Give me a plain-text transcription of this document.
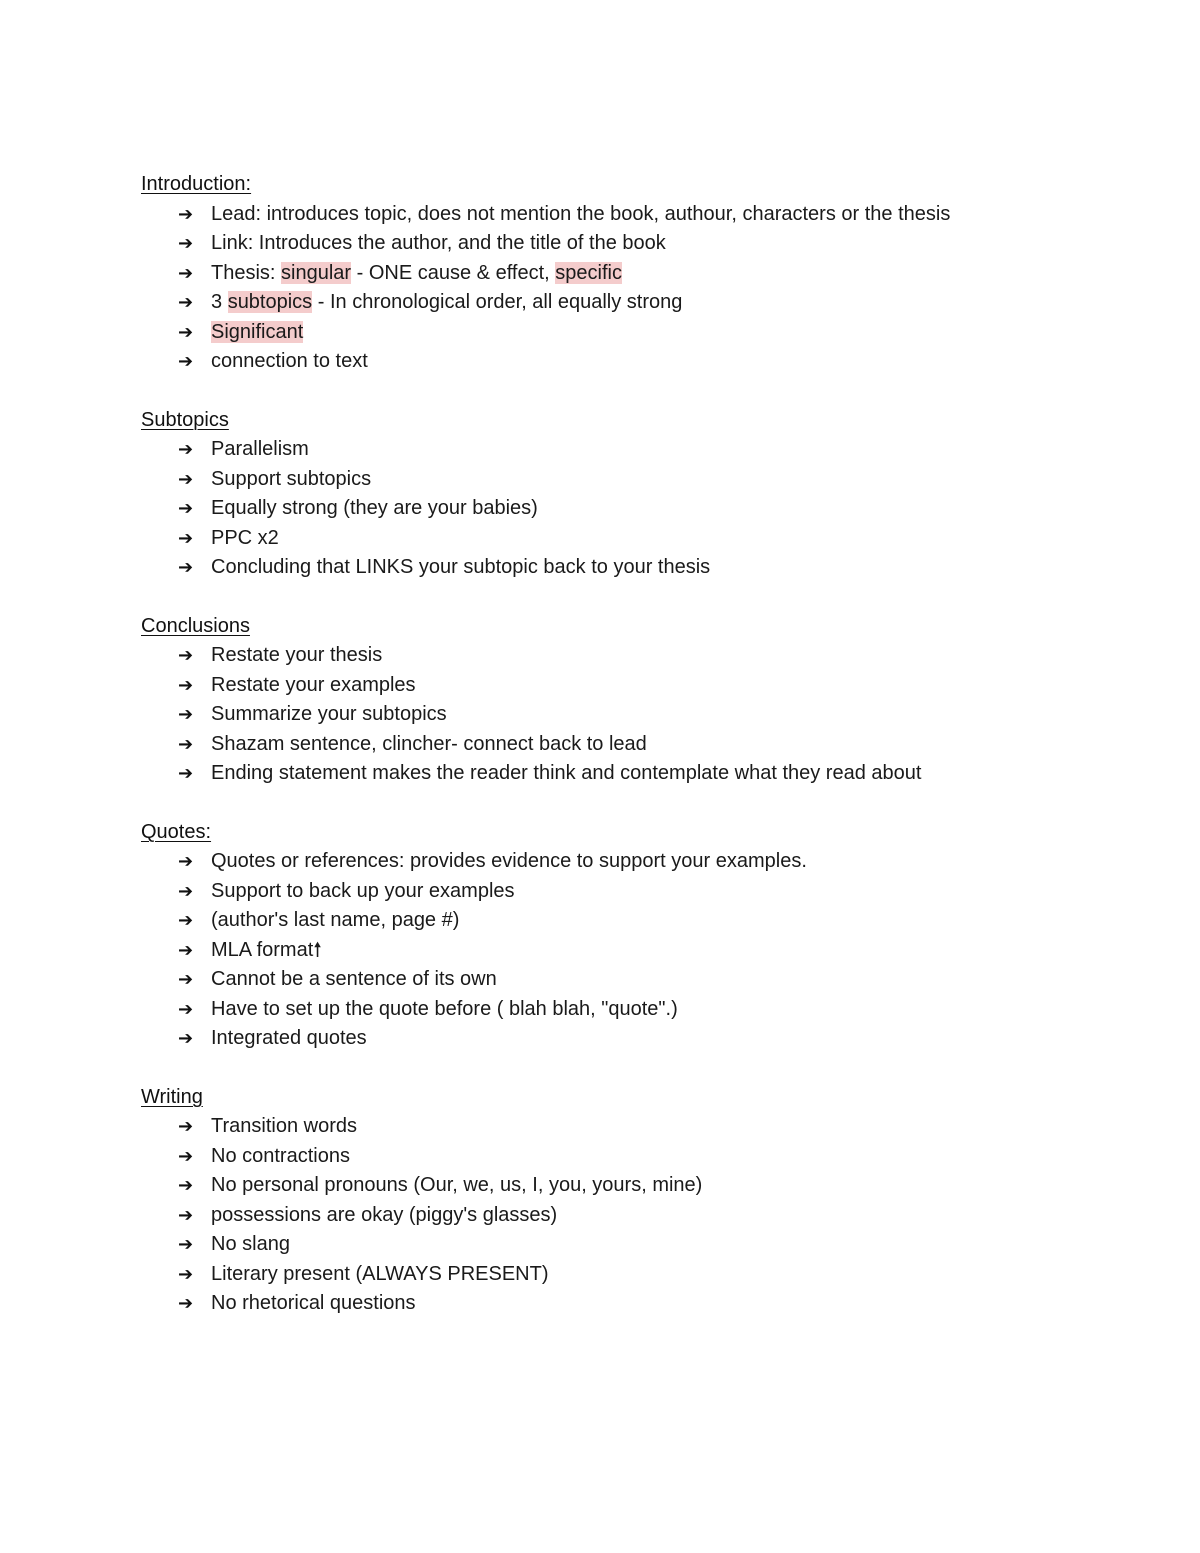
Introduction:
➔ Lead: introduces topic, does not mention the book, authour, characters or the thesis
➔ Link: Introduces the author, and the title of the book
➔ Thesis: singular - ONE cause & effect, specific
➔ 3 subtopics - In chronological order, all equally strong
➔ Significant
➔ connection to text
Subtopics
➔ Parallelism
➔ Support subtopics
➔ Equally strong (they are your babies)
➔ PPC x2
➔ Concluding that LINKS your subtopic back to your thesis
Conclusions
➔ Restate your thesis
➔ Restate your examples
➔ Summarize your subtopics
➔ Shazam sentence, clincher- connect back to lead
➔ Ending statement makes the reader think and contemplate what they read about
Quotes:
➔ Quotes or references: provides evidence to support your examples.
➔ Support to back up your examples
➔ (author's last name, page #)
➔ MLA format🠕
➔ Cannot be a sentence of its own
➔ Have to set up the quote before ( blah blah, "quote".)
➔ Integrated quotes
Writing
➔ Transition words
➔ No contractions
➔ No personal pronouns (Our, we, us, I, you, yours, mine)
➔ possessions are okay (piggy's glasses)
➔ No slang
➔ Literary present (ALWAYS PRESENT)
➔ No rhetorical questions
